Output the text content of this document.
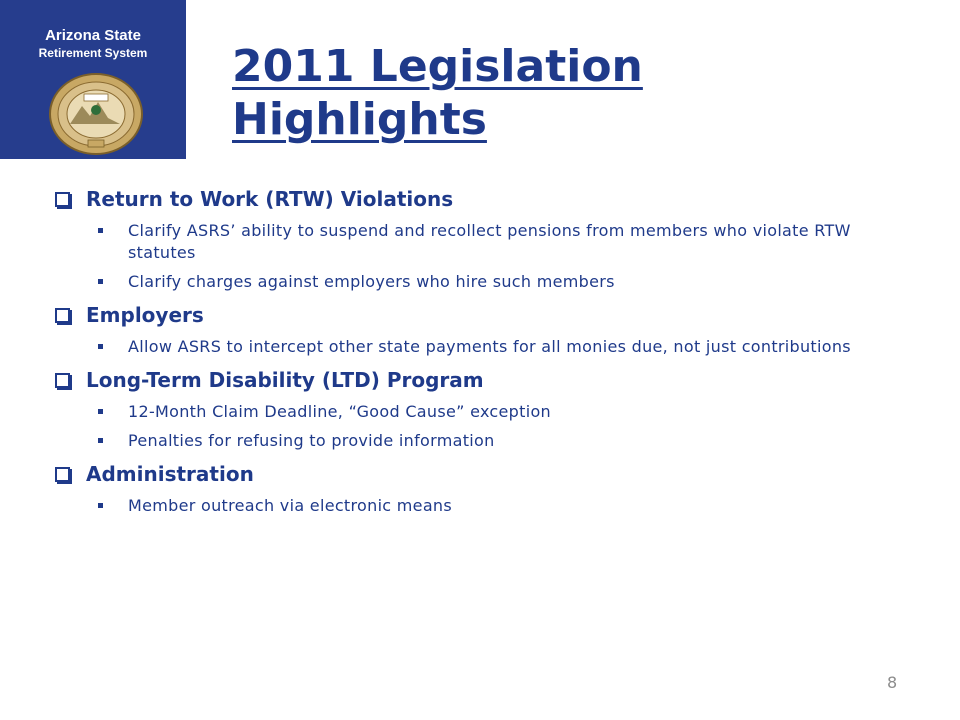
Arizona State
Retirement System	2011 Legislation
Highlights
Return to Work (RTW) Violations
Clarify ASRS’ ability to suspend and recollect pensions from members who violate RTW statutes
Clarify charges against employers who hire such members
Employers
Allow ASRS to intercept other state payments for all monies due, not just contributions
Long-Term Disability (LTD) Program
12-Month Claim Deadline, “Good Cause” exception
Penalties for refusing to provide information
Administration
Member outreach via electronic means
8
